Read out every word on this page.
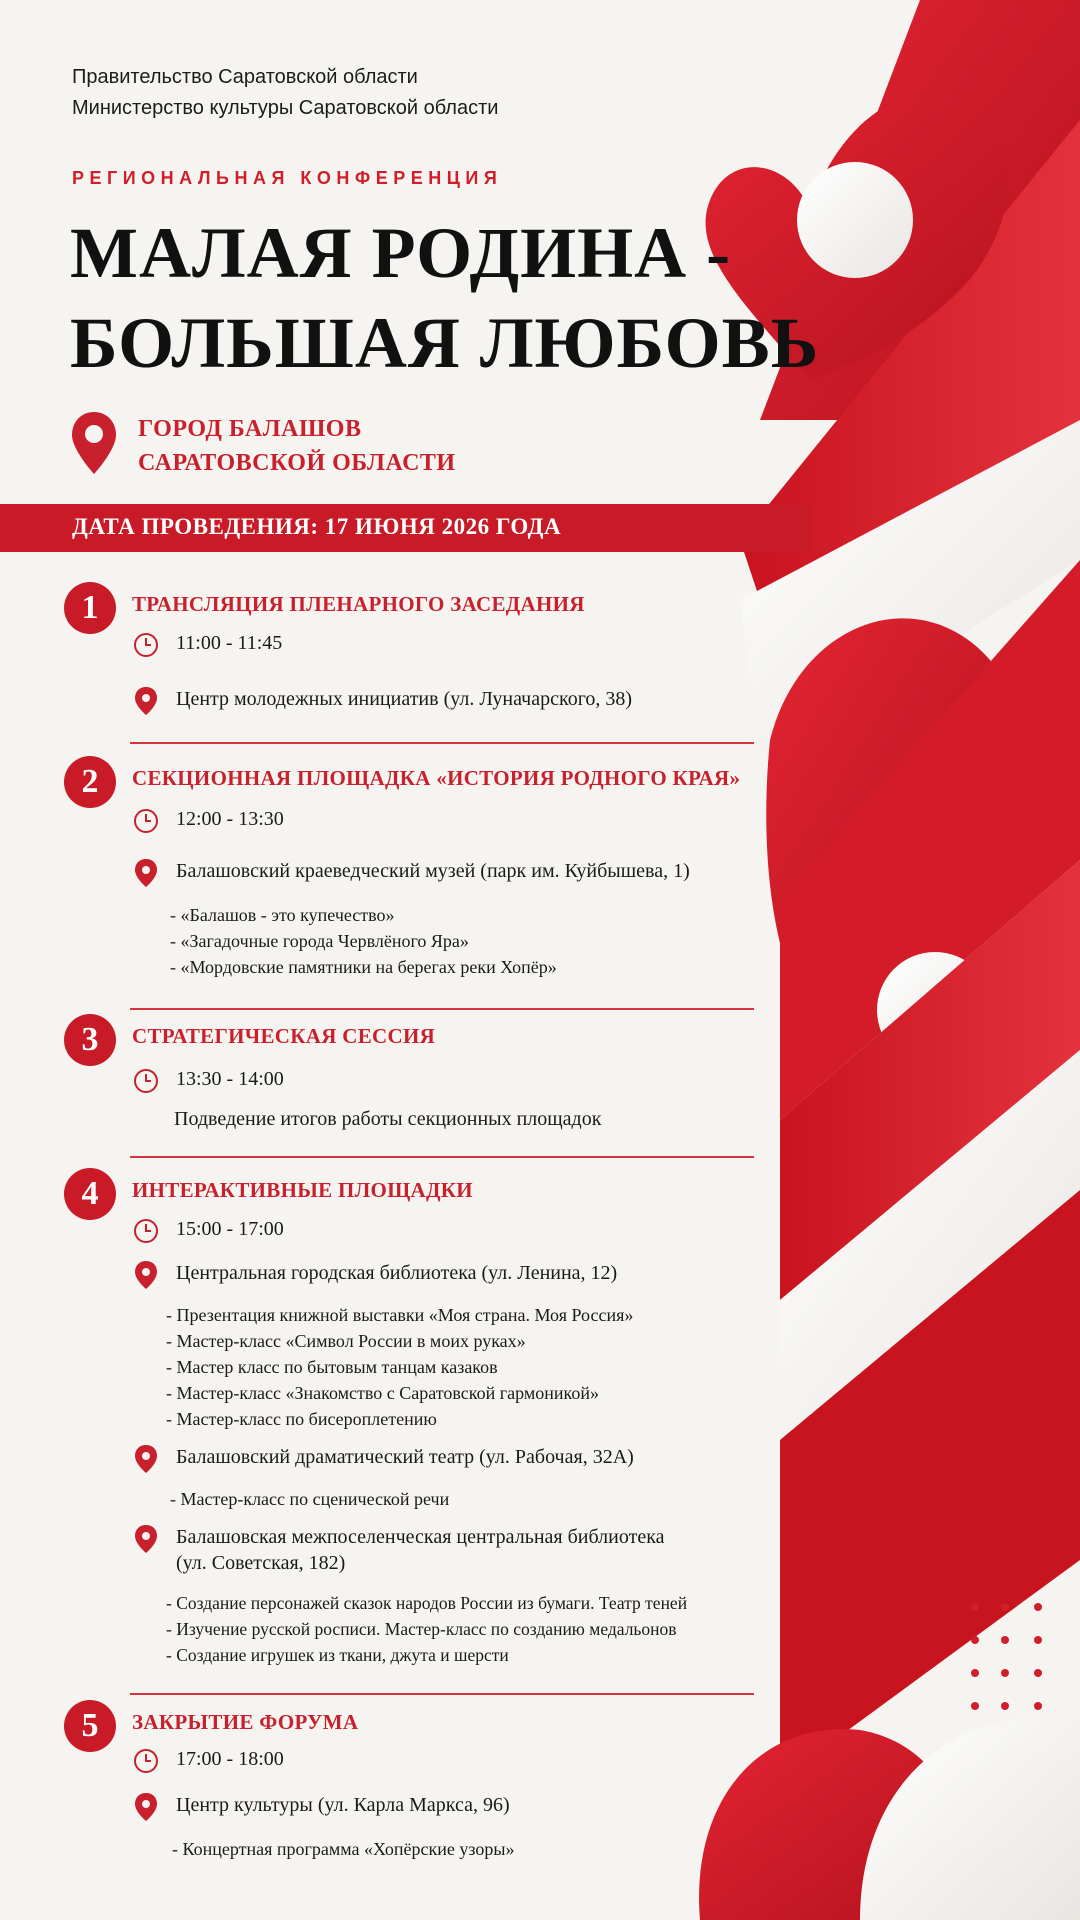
Правительство Саратовской области
Министерство культуры Саратовской области
РЕГИОНАЛЬНАЯ КОНФЕРЕНЦИЯ
МАЛАЯ РОДИНА -
БОЛЬШАЯ ЛЮБОВЬ
ГОРОД БАЛАШОВ
САРАТОВСКОЙ ОБЛАСТИ
ДАТА ПРОВЕДЕНИЯ: 17 ИЮНЯ 2026 ГОДА
1	ТРАНСЛЯЦИЯ ПЛЕНАРНОГО ЗАСЕДАНИЯ
11:00 - 11:45
Центр молодежных инициатив (ул. Луначарского, 38)
2	СЕКЦИОННАЯ ПЛОЩАДКА «ИСТОРИЯ РОДНОГО КРАЯ»
12:00 - 13:30
Балашовский краеведческий музей (парк им. Куйбышева, 1)
- «Балашов - это купечество»
- «Загадочные города Червлёного Яра»
- «Мордовские памятники на берегах реки Хопёр»
3	СТРАТЕГИЧЕСКАЯ СЕССИЯ
13:30 - 14:00
Подведение итогов работы секционных площадок
4	ИНТЕРАКТИВНЫЕ ПЛОЩАДКИ
15:00 - 17:00
Центральная городская библиотека (ул. Ленина, 12)
- Презентация книжной выставки «Моя страна. Моя Россия»
- Мастер-класс «Символ России в моих руках»
- Мастер класс по бытовым танцам казаков
- Мастер-класс «Знакомство с Саратовской гармоникой»
- Мастер-класс по бисероплетению
Балашовский драматический театр (ул. Рабочая, 32А)
- Мастер-класс по сценической речи
Балашовская межпоселенческая центральная библиотека
(ул. Советская, 182)
- Создание персонажей сказок народов России из бумаги. Театр теней
- Изучение русской росписи. Мастер-класс по созданию медальонов
- Создание игрушек из ткани, джута и шерсти
5	ЗАКРЫТИЕ ФОРУМА
17:00 - 18:00
Центр культуры (ул. Карла Маркса, 96)
- Концертная программа «Хопёрские узоры»
